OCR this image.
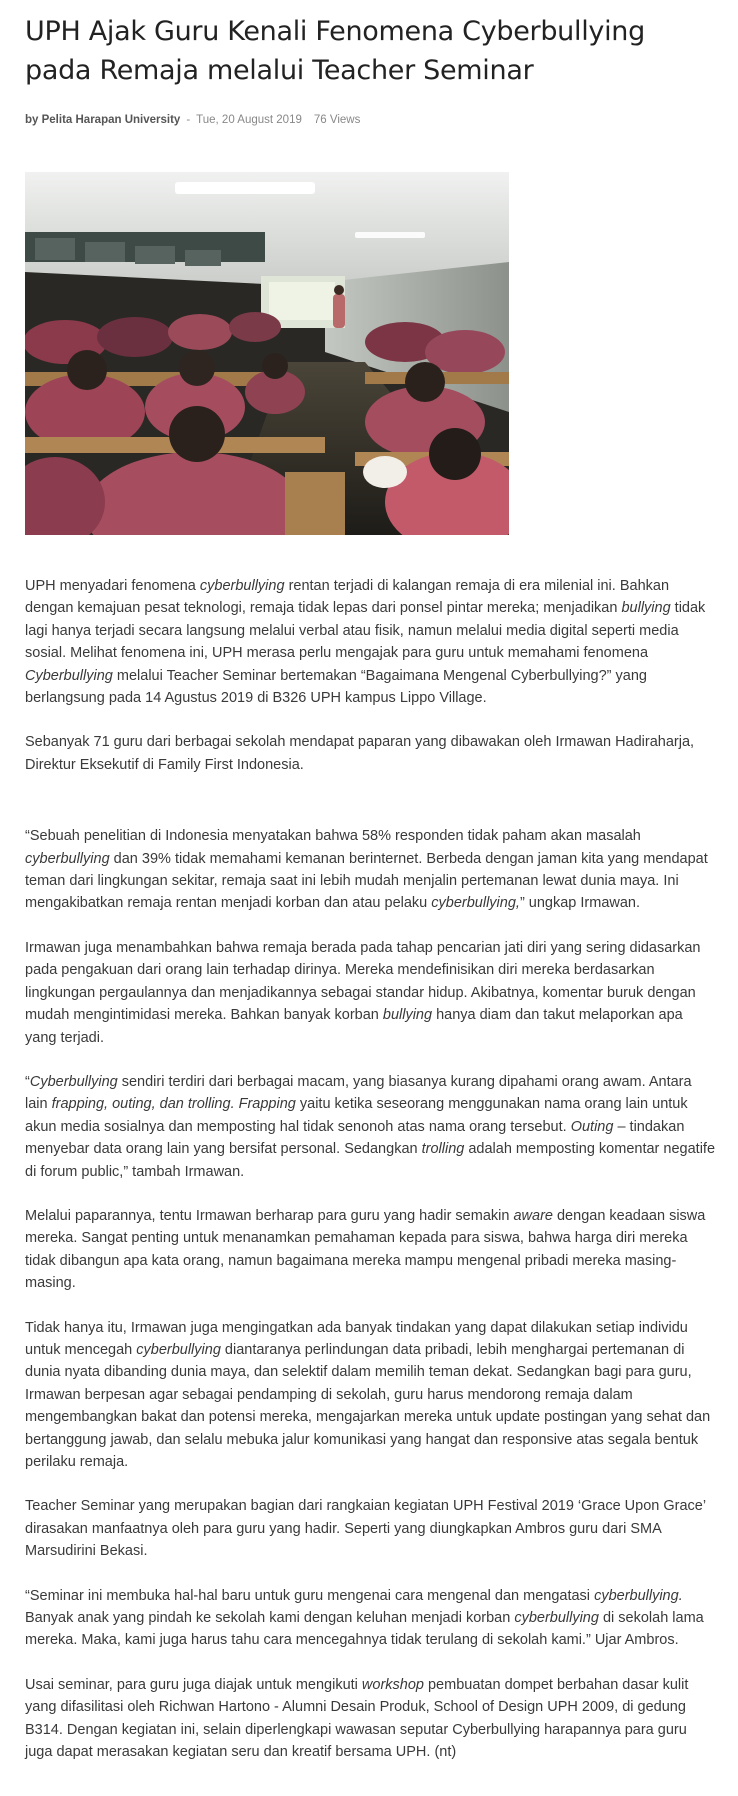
UPH Ajak Guru Kenali Fenomena Cyberbullying pada Remaja melalui Teacher Seminar
by Pelita Harapan University - Tue, 20 August 2019 76 Views

UPH menyadari fenomena cyberbullying rentan terjadi di kalangan remaja di era milenial ini. Bahkan dengan kemajuan pesat teknologi, remaja tidak lepas dari ponsel pintar mereka; menjadikan bullying tidak lagi hanya terjadi secara langsung melalui verbal atau fisik, namun melalui media digital seperti media sosial. Melihat fenomena ini, UPH merasa perlu mengajak para guru untuk memahami fenomena Cyberbullying melalui Teacher Seminar bertemakan “Bagaimana Mengenal Cyberbullying?” yang berlangsung pada 14 Agustus 2019 di B326 UPH kampus Lippo Village.

Sebanyak 71 guru dari berbagai sekolah mendapat paparan yang dibawakan oleh Irmawan Hadiraharja, Direktur Eksekutif di Family First Indonesia.

“Sebuah penelitian di Indonesia menyatakan bahwa 58% responden tidak paham akan masalah cyberbullying dan 39% tidak memahami kemanan berinternet. Berbeda dengan jaman kita yang mendapat teman dari lingkungan sekitar, remaja saat ini lebih mudah menjalin pertemanan lewat dunia maya. Ini mengakibatkan remaja rentan menjadi korban dan atau pelaku cyberbullying,” ungkap Irmawan.

Irmawan juga menambahkan bahwa remaja berada pada tahap pencarian jati diri yang sering didasarkan pada pengakuan dari orang lain terhadap dirinya. Mereka mendefinisikan diri mereka berdasarkan lingkungan pergaulannya dan menjadikannya sebagai standar hidup. Akibatnya, komentar buruk dengan mudah mengintimidasi mereka. Bahkan banyak korban bullying hanya diam dan takut melaporkan apa yang terjadi.

“Cyberbullying sendiri terdiri dari berbagai macam, yang biasanya kurang dipahami orang awam. Antara lain frapping, outing, dan trolling. Frapping yaitu ketika seseorang menggunakan nama orang lain untuk akun media sosialnya dan memposting hal tidak senonoh atas nama orang tersebut. Outing – tindakan menyebar data orang lain yang bersifat personal. Sedangkan trolling adalah memposting komentar negatife di forum public,” tambah Irmawan.

Melalui paparannya, tentu Irmawan berharap para guru yang hadir semakin aware dengan keadaan siswa mereka. Sangat penting untuk menanamkan pemahaman kepada para siswa, bahwa harga diri mereka tidak dibangun apa kata orang, namun bagaimana mereka mampu mengenal pribadi mereka masing-masing.

Tidak hanya itu, Irmawan juga mengingatkan ada banyak tindakan yang dapat dilakukan setiap individu untuk mencegah cyberbullying diantaranya perlindungan data pribadi, lebih menghargai pertemanan di dunia nyata dibanding dunia maya, dan selektif dalam memilih teman dekat. Sedangkan bagi para guru, Irmawan berpesan agar sebagai pendamping di sekolah, guru harus mendorong remaja dalam mengembangkan bakat dan potensi mereka, mengajarkan mereka untuk update postingan yang sehat dan bertanggung jawab, dan selalu mebuka jalur komunikasi yang hangat dan responsive atas segala bentuk perilaku remaja.

Teacher Seminar yang merupakan bagian dari rangkaian kegiatan UPH Festival 2019 ‘Grace Upon Grace’ dirasakan manfaatnya oleh para guru yang hadir. Seperti yang diungkapkan Ambros guru dari SMA Marsudirini Bekasi.

“Seminar ini membuka hal-hal baru untuk guru mengenai cara mengenal dan mengatasi cyberbullying. Banyak anak yang pindah ke sekolah kami dengan keluhan menjadi korban cyberbullying di sekolah lama mereka. Maka, kami juga harus tahu cara mencegahnya tidak terulang di sekolah kami.” Ujar Ambros.

Usai seminar, para guru juga diajak untuk mengikuti workshop pembuatan dompet berbahan dasar kulit yang difasilitasi oleh Richwan Hartono - Alumni Desain Produk, School of Design UPH 2009, di gedung B314. Dengan kegiatan ini, selain diperlengkapi wawasan seputar Cyberbullying harapannya para guru juga dapat merasakan kegiatan seru dan kreatif bersama UPH. (nt)
